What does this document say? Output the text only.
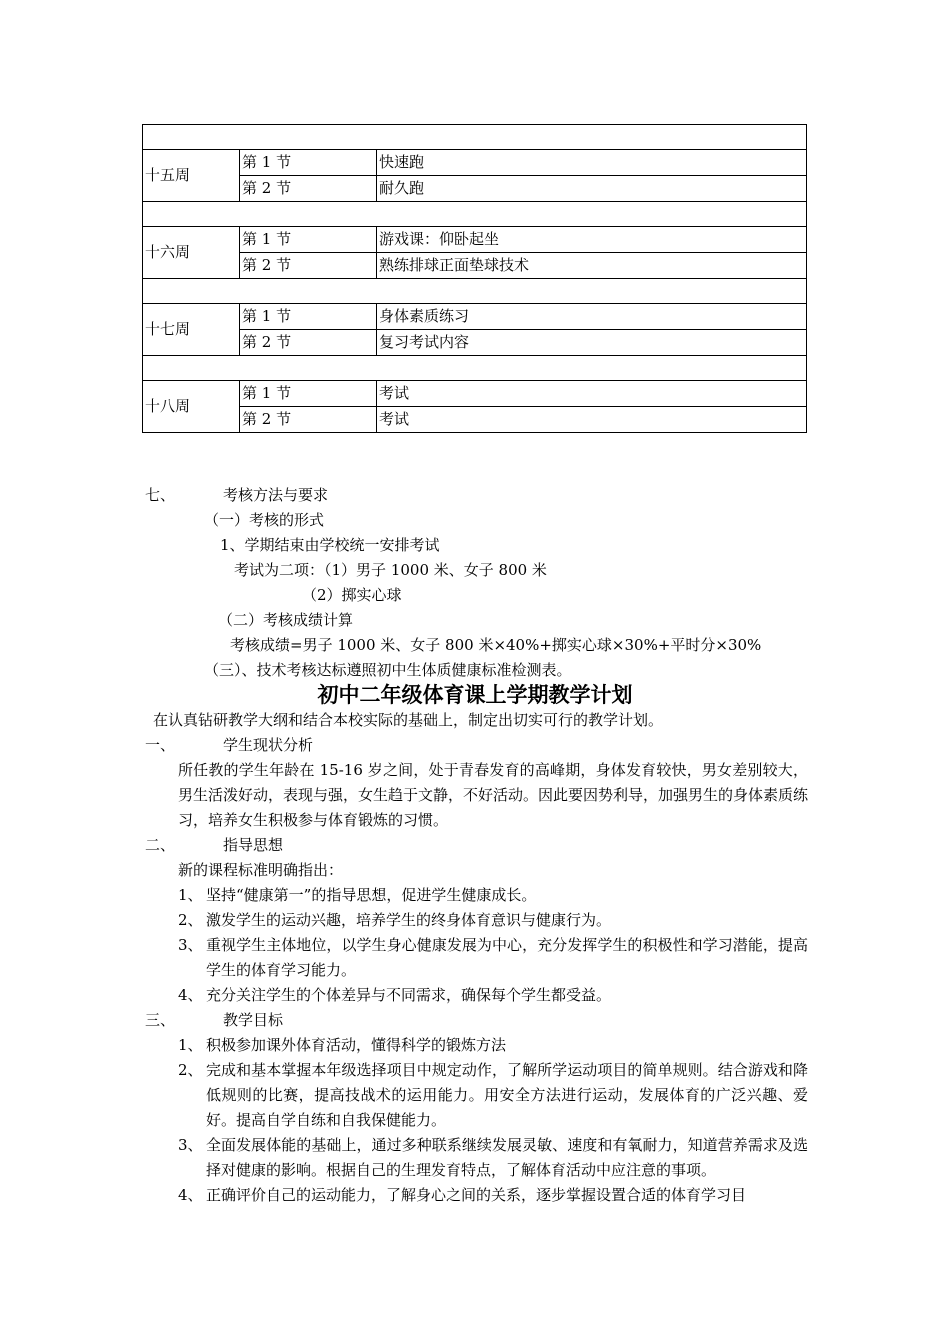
十五周	第 1 节	快速跑
	第 2 节	耐久跑

十六周	第 1 节	游戏课：仰卧起坐
	第 2 节	熟练排球正面垫球技术

十七周	第 1 节	身体素质练习
	第 2 节	复习考试内容

十八周	第 1 节	考试
	第 2 节	考试
七、	考核方法与要求
（一）考核的形式
1、学期结束由学校统一安排考试
考试为二项：（1）男子 1000 米、女子 800 米
（2）掷实心球
（二）考核成绩计算
考核成绩=男子 1000 米、女子 800 米×40%+掷实心球×30%+平时分×30%
（三）、技术考核达标遵照初中生体质健康标准检测表。
初中二年级体育课上学期教学计划
在认真钻研教学大纲和结合本校实际的基础上，制定出切实可行的教学计划。
一、	学生现状分析
所任教的学生年龄在 15-16 岁之间，处于青春发育的高峰期，身体发育较快，男女差别较大，男生活泼好动，表现与强，女生趋于文静，不好活动。因此要因势利导，加强男生的身体素质练习，培养女生积极参与体育锻炼的习惯。
二、	指导思想
新的课程标准明确指出：
1、 坚持“健康第一”的指导思想，促进学生健康成长。
2、 激发学生的运动兴趣，培养学生的终身体育意识与健康行为。
3、 重视学生主体地位，以学生身心健康发展为中心，充分发挥学生的积极性和学习潜能，提高学生的体育学习能力。
4、 充分关注学生的个体差异与不同需求，确保每个学生都受益。
三、	教学目标
1、 积极参加课外体育活动，懂得科学的锻炼方法
2、 完成和基本掌握本年级选择项目中规定动作，了解所学运动项目的简单规则。结合游戏和降低规则的比赛，提高技战术的运用能力。用安全方法进行运动，发展体育的广泛兴趣、爱好。提高自学自练和自我保健能力。
3、 全面发展体能的基础上，通过多种联系继续发展灵敏、速度和有氧耐力，知道营养需求及选择对健康的影响。根据自己的生理发育特点，了解体育活动中应注意的事项。
4、 正确评价自己的运动能力，了解身心之间的关系，逐步掌握设置合适的体育学习目
